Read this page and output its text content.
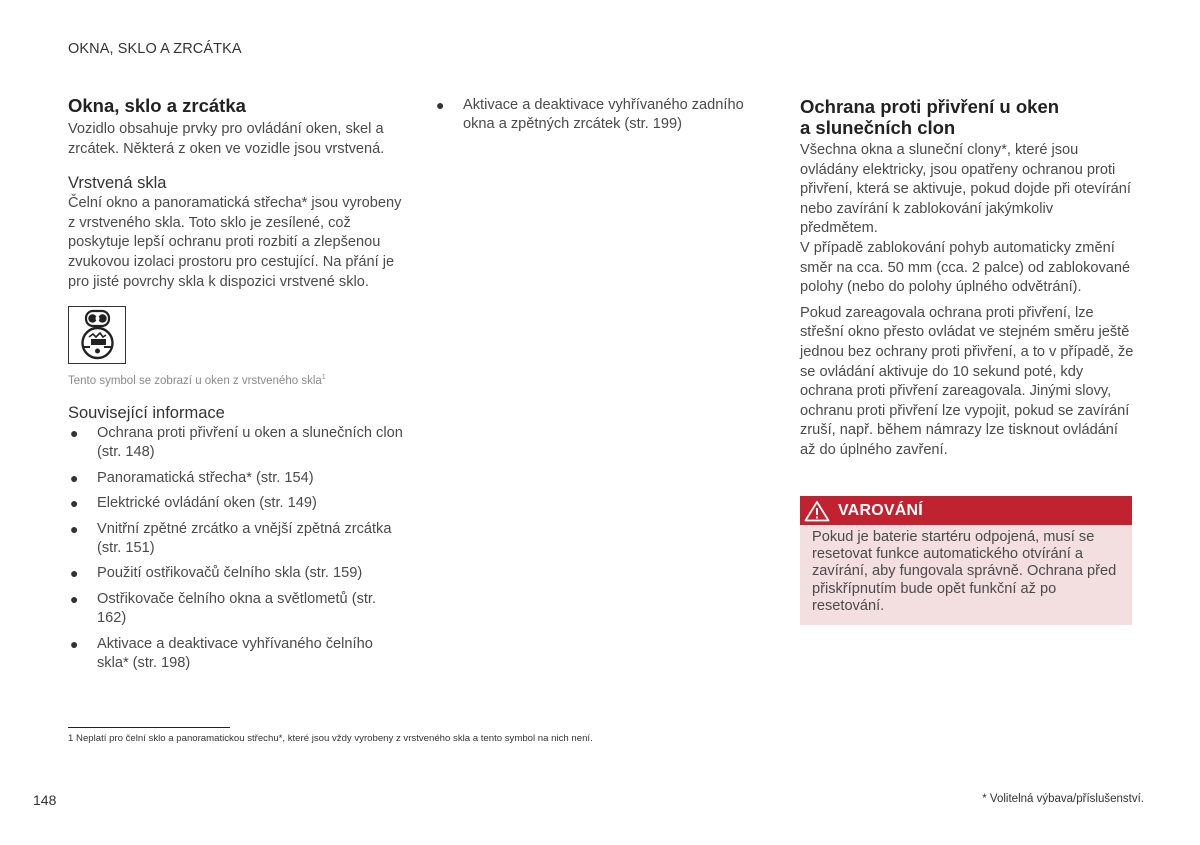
OKNA, SKLO A ZRCÁTKA
Okna, sklo a zrcátka

Vozidlo obsahuje prvky pro ovládání oken, skel a zrcátek. Některá z oken ve vozidle jsou vrstvená.

Vrstvená skla

Čelní okno a panoramatická střecha* jsou vyrobeny z vrstveného skla. Toto sklo je zesílené, což poskytuje lepší ochranu proti rozbití a zlepšenou zvukovou izolaci prostoru pro cestující. Na přání je pro jisté povrchy skla k dispozici vrstvené sklo.

Tento symbol se zobrazí u oken z vrstveného skla$^1$
Související informace
● Ochrana proti přivření u oken a slunečních clon (str. 148)
● Panoramatická střecha* (str. 154)
● Elektrické ovládání oken (str. 149)
● Vnitřní zpětné zrcátko a vnější zpětná zrcátka (str. 151)
● Použití ostřikovačů čelního skla (str. 159)
● Ostřikovače čelního okna a světlometů (str. 162)
● Aktivace a deaktivace vyhřívaného čelního skla* (str. 198)
● Aktivace a deaktivace vyhřívaného zadního okna a zpětných zrcátek (str. 199)
Ochrana proti přivření u oken
a slunečních clon

Všechna okna a sluneční clony*, které jsou ovládány elektricky, jsou opatřeny ochranou proti přivření, která se aktivuje, pokud dojde při otevírání nebo zavírání k zablokování jakýmkoliv předmětem.

V případě zablokování pohyb automaticky změní směr na cca. 50 mm (cca. 2 palce) od zablokované polohy (nebo do polohy úplného odvětrání).

Pokud zareagovala ochrana proti přivření, lze střešní okno přesto ovládat ve stejném směru ještě jednou bez ochrany proti přivření, a to v případě, že se ovládání aktivuje do 10 sekund poté, kdy ochrana proti přivření zareagovala. Jinými slovy, ochranu proti přivření lze vypojit, pokud se zavírání zruší, např. během námrazy lze tisknout ovládání až do úplného zavření.

VAROVÁNÍ
Pokud je baterie startéru odpojená, musí se resetovat funkce automatického otvírání a zavírání, aby fungovala správně. Ochrana před přiskřípnutím bude opět funkční až po resetování.
1 Neplatí pro čelní sklo a panoramatickou střechu*, které jsou vždy vyrobeny z vrstveného skla a tento symbol na nich není.
148	* Volitelná výbava/příslušenství.
